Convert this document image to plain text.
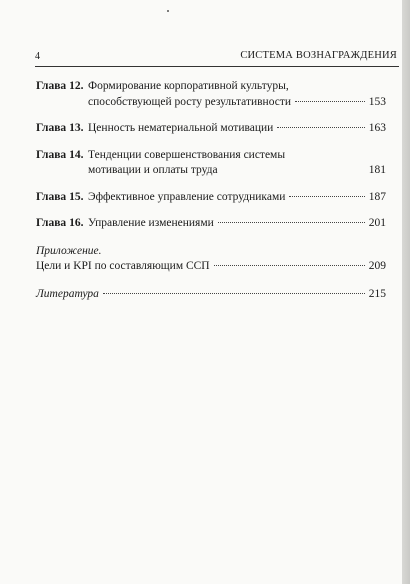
4	СИСТЕМА ВОЗНАГРАЖДЕНИЯ
Глава 12. Формирование корпоративной культуры,
способствующей росту результативности	153
Глава 13. Ценность нематериальной мотивации	163
Глава 14. Тенденции совершенствования системы
мотивации и оплаты труда	181
Глава 15. Эффективное управление сотрудниками	187
Глава 16. Управление изменениями	201
Приложение.
Цели и KPI по составляющим ССП	209
Литература	215
